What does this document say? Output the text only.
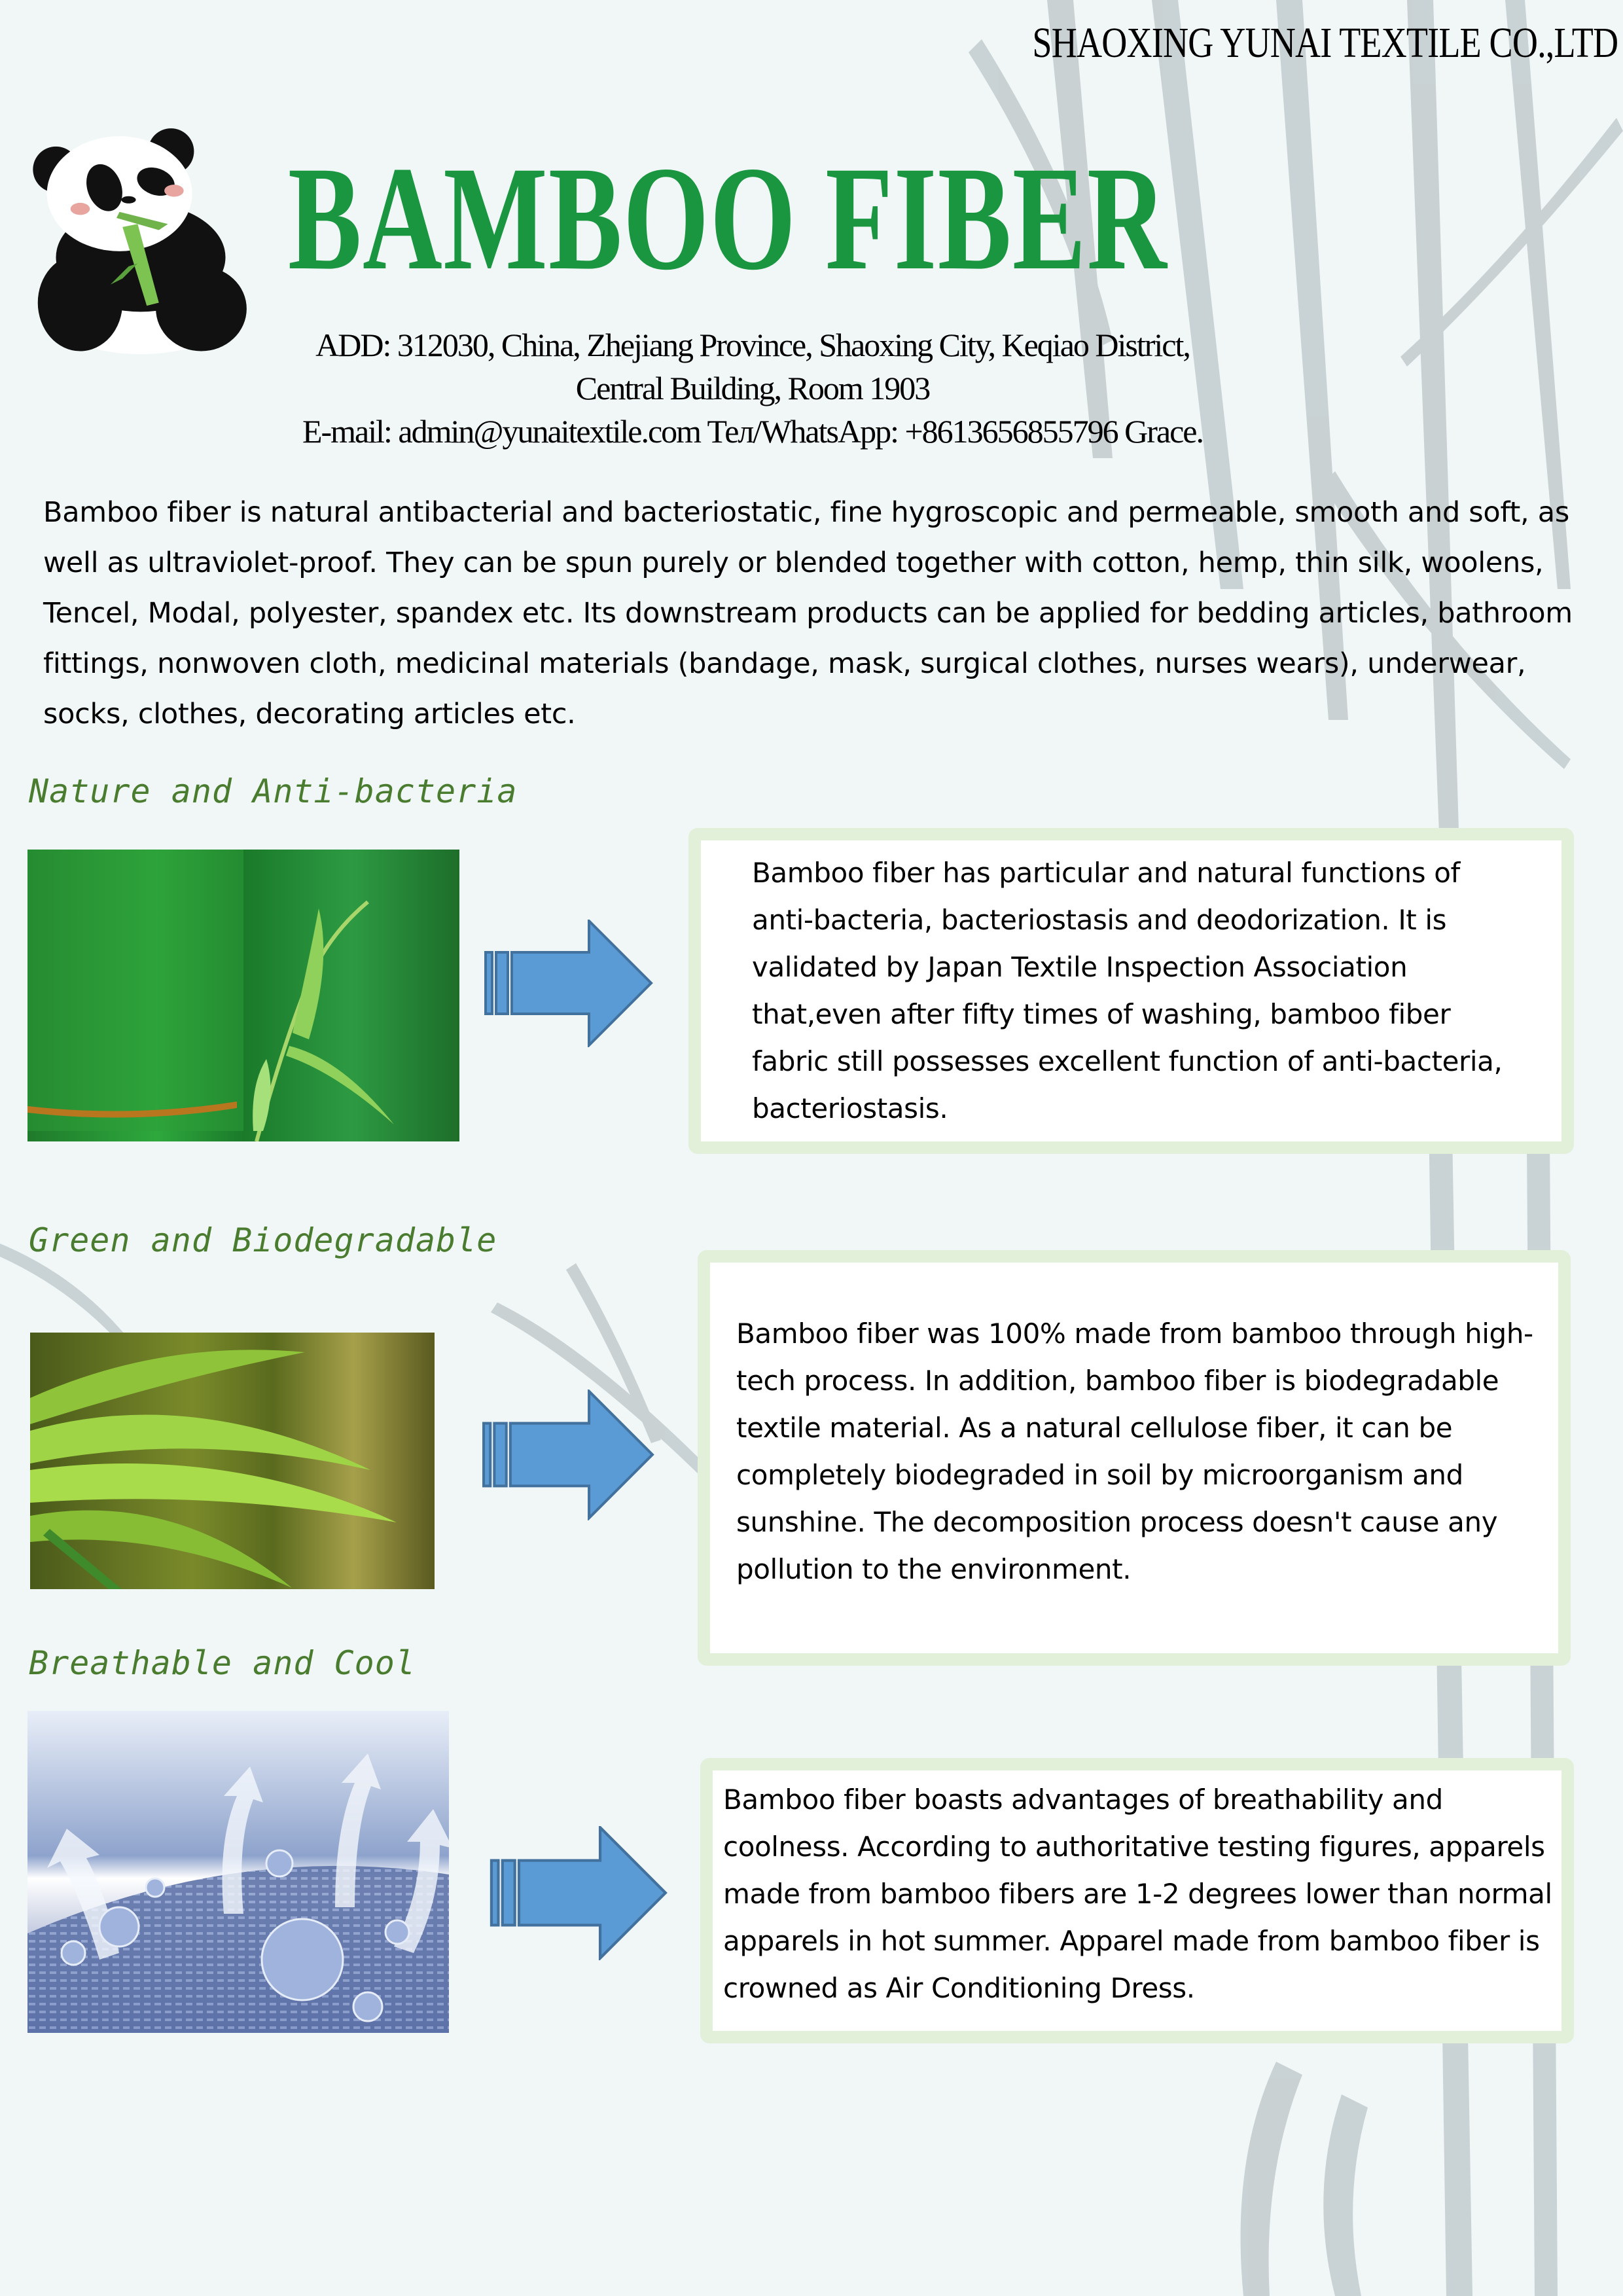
SHAOXING YUNAI TEXTILE CO.,LTD
BAMBOO FIBER
ADD: 312030, China, Zhejiang Province, Shaoxing City, Keqiao District,
Central Building, Room 1903
E-mail: admin@yunaitextile.com Тел/WhatsApp: +8613656855796 Grace.
Bamboo fiber is natural antibacterial and bacteriostatic, fine hygroscopic and permeable, smooth and soft, as well as ultraviolet-proof. They can be spun purely or blended together with cotton, hemp, thin silk, woolens, Tencel, Modal, polyester, spandex etc. Its downstream products can be applied for bedding articles, bathroom fittings, nonwoven cloth, medicinal materials (bandage, mask, surgical clothes, nurses wears), underwear, socks, clothes, decorating articles etc.
Nature and Anti-bacteria
Bamboo fiber has particular and natural functions of anti-bacteria, bacteriostasis and deodorization. It is validated by Japan Textile Inspection Association that,even after fifty times of washing, bamboo fiber fabric still possesses excellent function of anti-bacteria, bacteriostasis.
Green and Biodegradable
Bamboo fiber was 100% made from bamboo through high-tech process. In addition, bamboo fiber is biodegradable textile material. As a natural cellulose fiber, it can be completely biodegraded in soil by microorganism and sunshine. The decomposition process doesn't cause any pollution to the environment.
Breathable and Cool
Bamboo fiber boasts advantages of breathability and coolness. According to authoritative testing figures, apparels made from bamboo fibers are 1-2 degrees lower than normal apparels in hot summer. Apparel made from bamboo fiber is crowned as Air Conditioning Dress.
